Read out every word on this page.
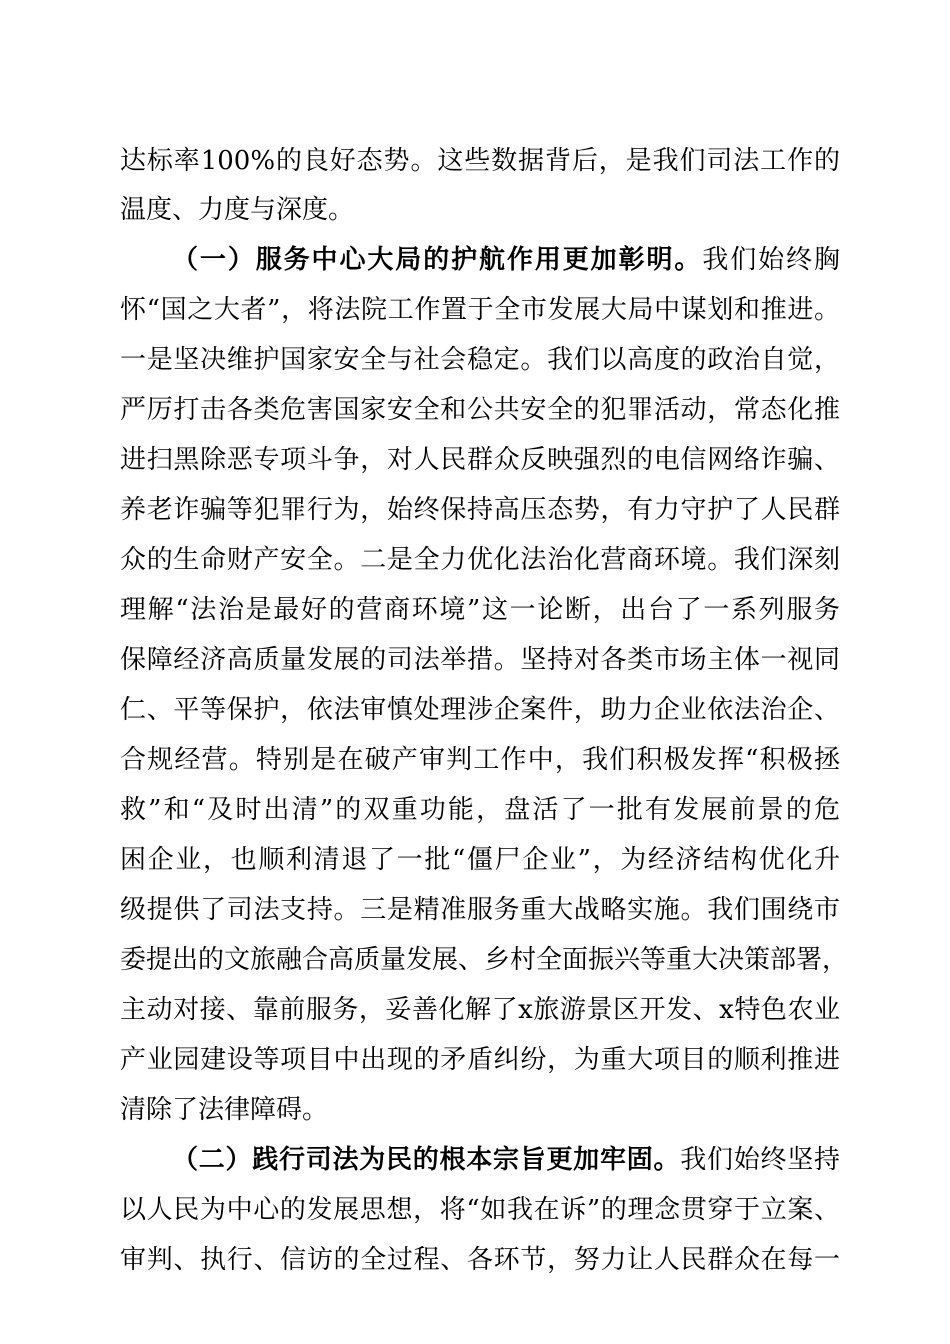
达标率100%的良好态势。这些数据背后，是我们司法工作的
温度、力度与深度。
（一）服务中心大局的护航作用更加彰明。我们始终胸
怀“国之大者”，将法院工作置于全市发展大局中谋划和推进。
一是坚决维护国家安全与社会稳定。我们以高度的政治自觉，
严厉打击各类危害国家安全和公共安全的犯罪活动，常态化推
进扫黑除恶专项斗争，对人民群众反映强烈的电信网络诈骗、
养老诈骗等犯罪行为，始终保持高压态势，有力守护了人民群
众的生命财产安全。二是全力优化法治化营商环境。我们深刻
理解“法治是最好的营商环境”这一论断，出台了一系列服务
保障经济高质量发展的司法举措。坚持对各类市场主体一视同
仁、平等保护，依法审慎处理涉企案件，助力企业依法治企、
合规经营。特别是在破产审判工作中，我们积极发挥“积极拯
救”和“及时出清”的双重功能，盘活了一批有发展前景的危
困企业，也顺利清退了一批“僵尸企业”，为经济结构优化升
级提供了司法支持。三是精准服务重大战略实施。我们围绕市
委提出的文旅融合高质量发展、乡村全面振兴等重大决策部署，
主动对接、靠前服务，妥善化解了x旅游景区开发、x特色农业
产业园建设等项目中出现的矛盾纠纷，为重大项目的顺利推进
清除了法律障碍。
（二）践行司法为民的根本宗旨更加牢固。我们始终坚持
以人民为中心的发展思想，将“如我在诉”的理念贯穿于立案、
审判、执行、信访的全过程、各环节，努力让人民群众在每一
